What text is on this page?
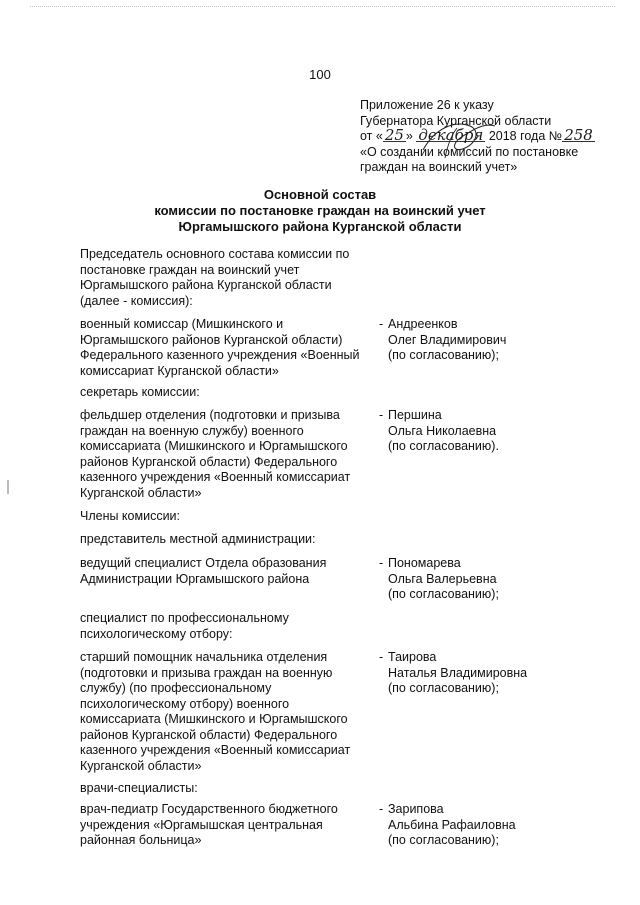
100
Приложение 26 к указу
Губернатора Курганской области
от « 25 » декабря 2018 года № 258
«О создании комиссий по постановке
граждан на воинский учет»
Основной состав
комиссии по постановке граждан на воинский учет
Юргамышского района Курганской области
Председатель основного состава комиссии по
постановке граждан на воинский учет
Юргамышского района Курганской области
(далее - комиссия):
военный комиссар (Мишкинского и
Юргамышского районов Курганской области)
Федерального казенного учреждения «Военный
комиссариат Курганской области»
- Андреенков
Олег Владимирович
(по согласованию);
секретарь комиссии:
фельдшер отделения (подготовки и призыва
граждан на военную службу) военного
комиссариата (Мишкинского и Юргамышского
районов Курганской области) Федерального
казенного учреждения «Военный комиссариат
Курганской области»
- Першина
Ольга Николаевна
(по согласованию).
Члены комиссии:
представитель местной администрации:
ведущий специалист Отдела образования
Администрации Юргамышского района
- Пономарева
Ольга Валерьевна
(по согласованию);
специалист по профессиональному
психологическому отбору:
старший помощник начальника отделения
(подготовки и призыва граждан на военную
службу) (по профессиональному
психологическому отбору) военного
комиссариата (Мишкинского и Юргамышского
районов Курганской области) Федерального
казенного учреждения «Военный комиссариат
Курганской области»
- Таирова
Наталья Владимировна
(по согласованию);
врачи-специалисты:
врач-педиатр Государственного бюджетного
учреждения «Юргамышская центральная
районная больница»
- Зарипова
Альбина Рафаиловна
(по согласованию);
